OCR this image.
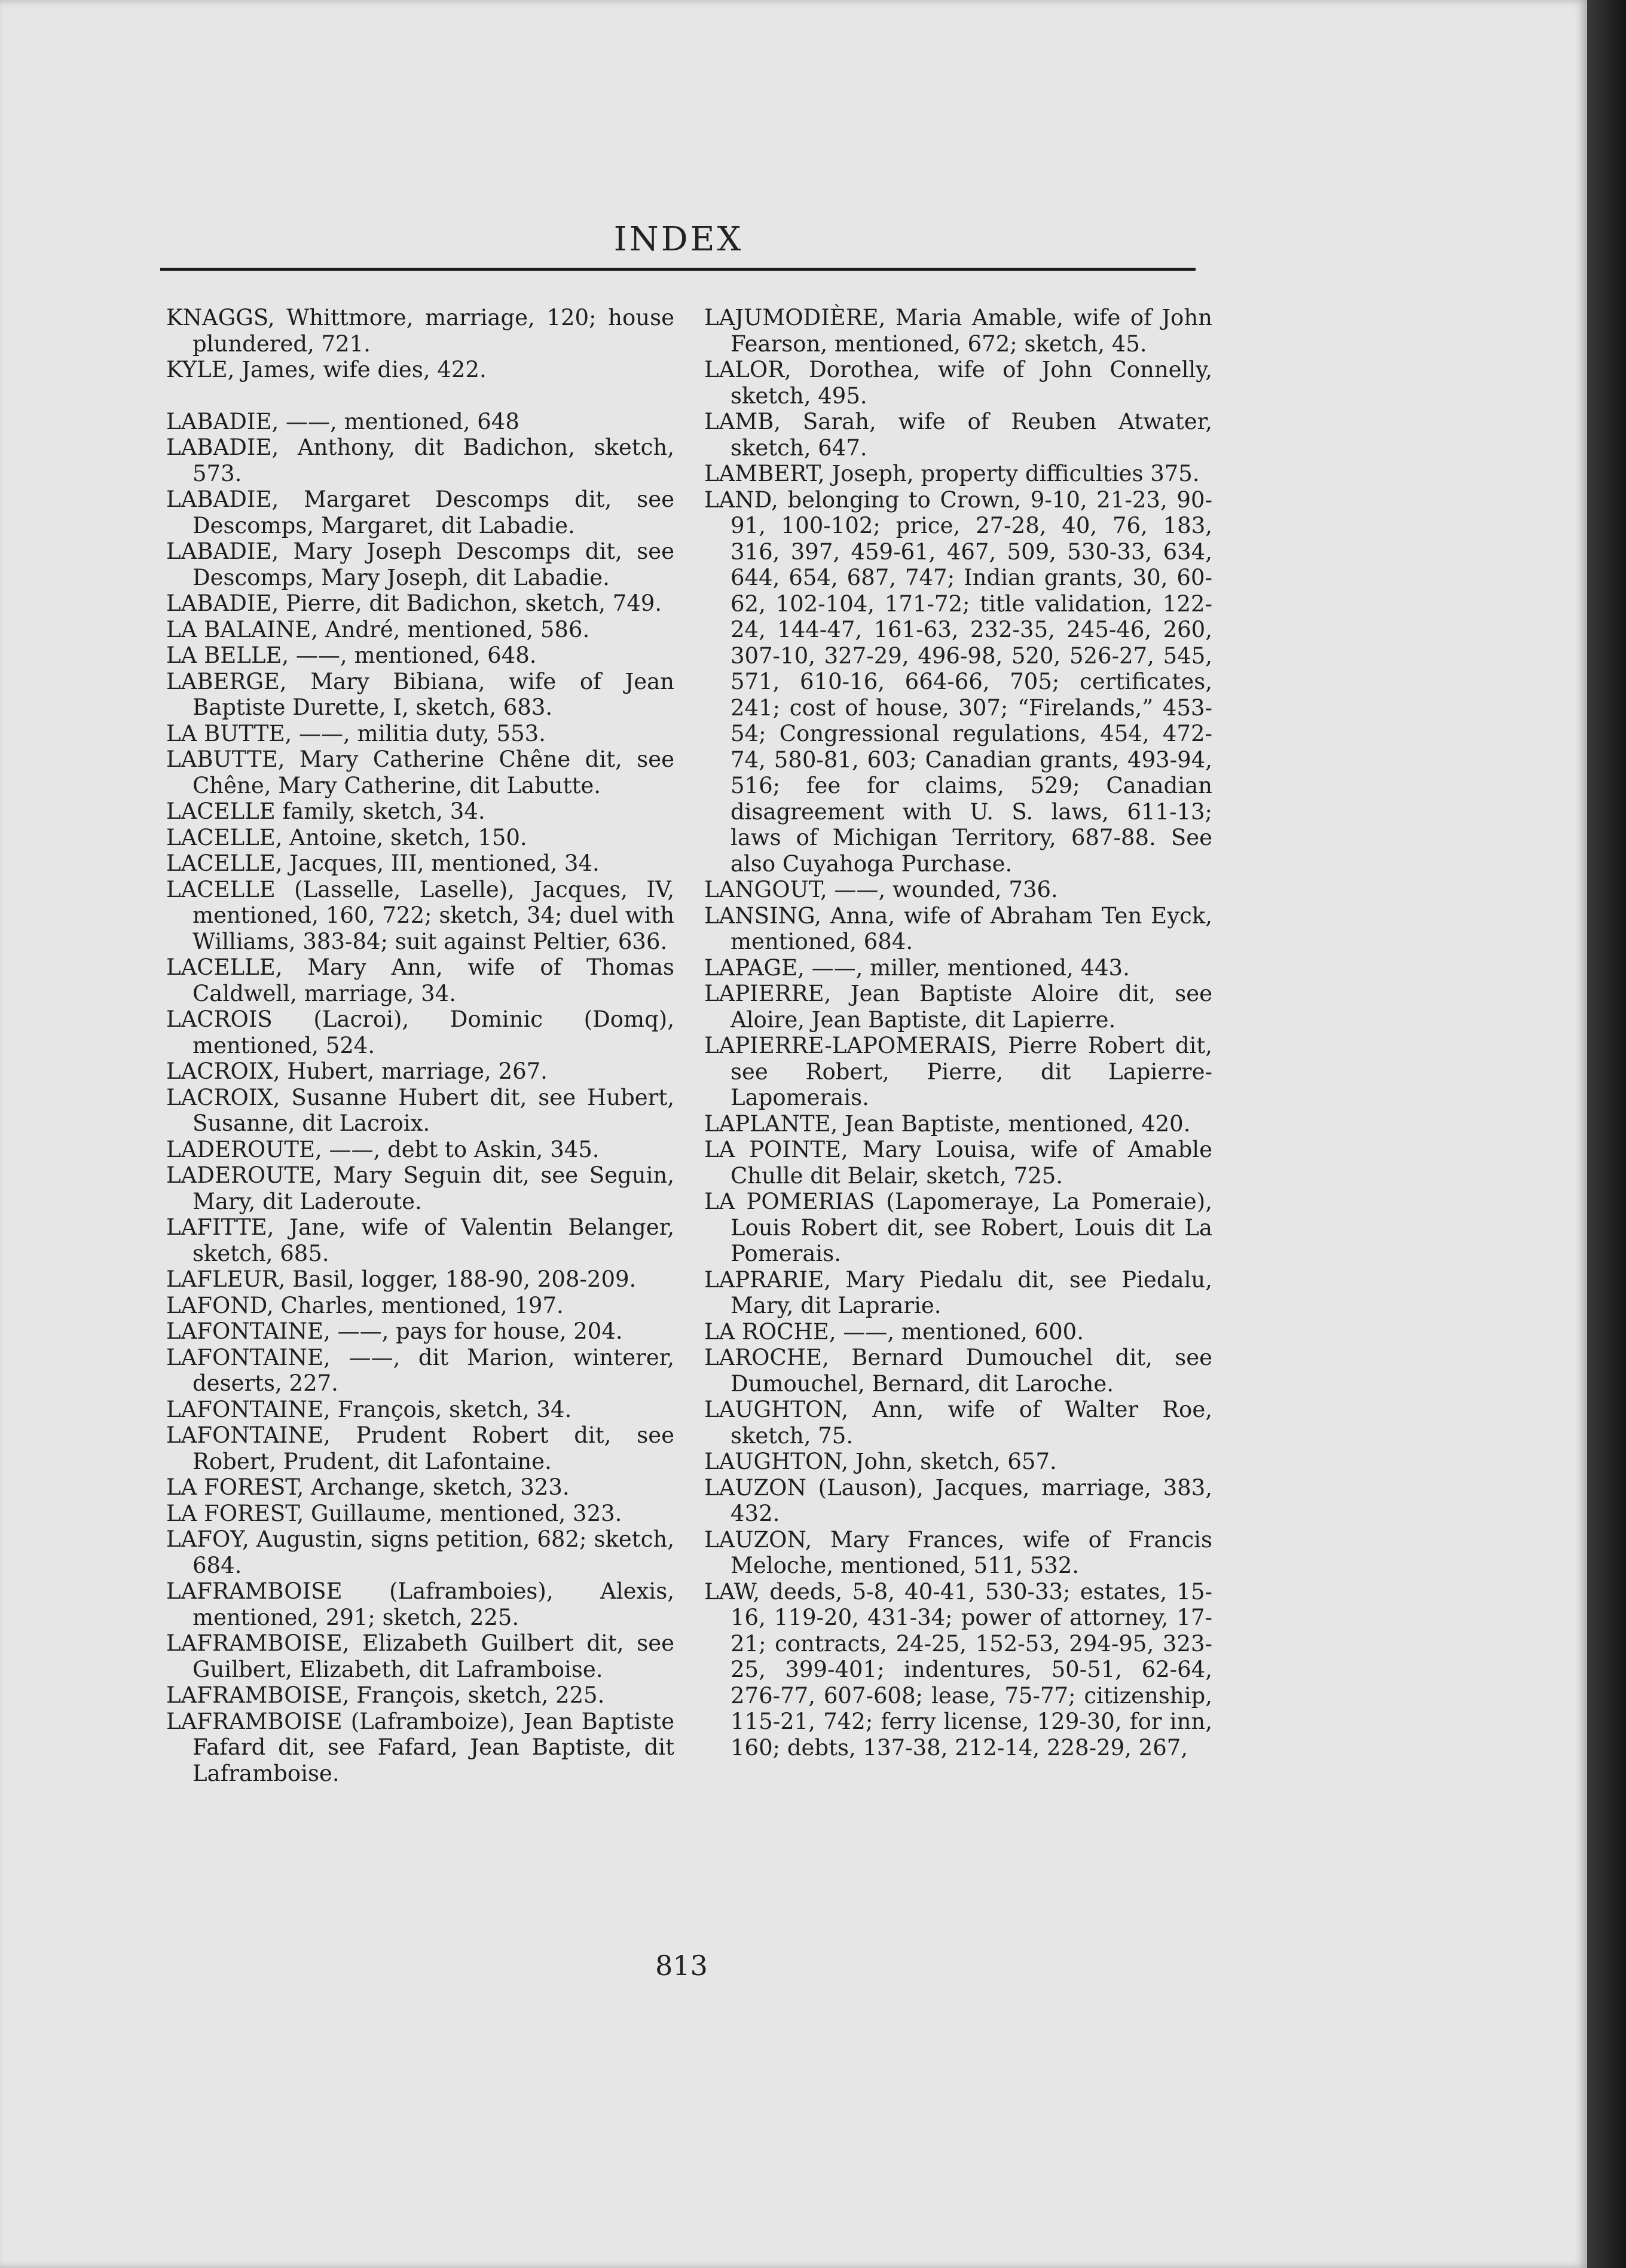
INDEX

KNAGGS, Whittmore, marriage, 120; house plundered, 721.

KYLE, James, wife dies, 422.

LABADIE, ——, mentioned, 648

LABADIE, Anthony, dit Badichon, sketch, 573.

LABADIE, Margaret Descomps dit, see Descomps, Margaret, dit Labadie.

LABADIE, Mary Joseph Descomps dit, see Descomps, Mary Joseph, dit Labadie.

LABADIE, Pierre, dit Badichon, sketch, 749.

LA BALAINE, André, mentioned, 586.

LA BELLE, ——, mentioned, 648.

LABERGE, Mary Bibiana, wife of Jean Baptiste Durette, I, sketch, 683.

LA BUTTE, ——, militia duty, 553.

LABUTTE, Mary Catherine Chêne dit, see Chêne, Mary Catherine, dit Labutte.

LACELLE family, sketch, 34.

LACELLE, Antoine, sketch, 150.

LACELLE, Jacques, III, mentioned, 34.

LACELLE (Lasselle, Laselle), Jacques, IV, mentioned, 160, 722; sketch, 34; duel with Williams, 383-84; suit against Peltier, 636.

LACELLE, Mary Ann, wife of Thomas Caldwell, marriage, 34.

LACROIS (Lacroi), Dominic (Domq), mentioned, 524.

LACROIX, Hubert, marriage, 267.

LACROIX, Susanne Hubert dit, see Hubert, Susanne, dit Lacroix.

LADEROUTE, ——, debt to Askin, 345.

LADEROUTE, Mary Seguin dit, see Seguin, Mary, dit Laderoute.

LAFITTE, Jane, wife of Valentin Belanger, sketch, 685.

LAFLEUR, Basil, logger, 188-90, 208-209.

LAFOND, Charles, mentioned, 197.

LAFONTAINE, ——, pays for house, 204.

LAFONTAINE, ——, dit Marion, winterer, deserts, 227.

LAFONTAINE, François, sketch, 34.

LAFONTAINE, Prudent Robert dit, see Robert, Prudent, dit Lafontaine.

LA FOREST, Archange, sketch, 323.

LA FOREST, Guillaume, mentioned, 323.

LAFOY, Augustin, signs petition, 682; sketch, 684.

LAFRAMBOISE (Laframboies), Alexis, mentioned, 291; sketch, 225.

LAFRAMBOISE, Elizabeth Guilbert dit, see Guilbert, Elizabeth, dit Laframboise.

LAFRAMBOISE, François, sketch, 225.

LAFRAMBOISE (Laframboize), Jean Baptiste Fafard dit, see Fafard, Jean Baptiste, dit Laframboise.

LAJUMODIÈRE, Maria Amable, wife of John Fearson, mentioned, 672; sketch, 45.

LALOR, Dorothea, wife of John Connelly, sketch, 495.

LAMB, Sarah, wife of Reuben Atwater, sketch, 647.

LAMBERT, Joseph, property difficulties 375.

LAND, belonging to Crown, 9-10, 21-23, 90-91, 100-102; price, 27-28, 40, 76, 183, 316, 397, 459-61, 467, 509, 530-33, 634, 644, 654, 687, 747; Indian grants, 30, 60-62, 102-104, 171-72; title validation, 122-24, 144-47, 161-63, 232-35, 245-46, 260, 307-10, 327-29, 496-98, 520, 526-27, 545, 571, 610-16, 664-66, 705; certificates, 241; cost of house, 307; “Firelands,” 453-54; Congressional regulations, 454, 472-74, 580-81, 603; Canadian grants, 493-94, 516; fee for claims, 529; Canadian disagreement with U. S. laws, 611-13; laws of Michigan Territory, 687-88. See also Cuyahoga Purchase.

LANGOUT, ——, wounded, 736.

LANSING, Anna, wife of Abraham Ten Eyck, mentioned, 684.

LAPAGE, ——, miller, mentioned, 443.

LAPIERRE, Jean Baptiste Aloire dit, see Aloire, Jean Baptiste, dit Lapierre.

LAPIERRE-LAPOMERAIS, Pierre Robert dit, see Robert, Pierre, dit Lapierre-Lapomerais.

LAPLANTE, Jean Baptiste, mentioned, 420.

LA POINTE, Mary Louisa, wife of Amable Chulle dit Belair, sketch, 725.

LA POMERIAS (Lapomeraye, La Pomeraie), Louis Robert dit, see Robert, Louis dit La Pomerais.

LAPRARIE, Mary Piedalu dit, see Piedalu, Mary, dit Laprarie.

LA ROCHE, ——, mentioned, 600.

LAROCHE, Bernard Dumouchel dit, see Dumouchel, Bernard, dit Laroche.

LAUGHTON, Ann, wife of Walter Roe, sketch, 75.

LAUGHTON, John, sketch, 657.

LAUZON (Lauson), Jacques, marriage, 383, 432.

LAUZON, Mary Frances, wife of Francis Meloche, mentioned, 511, 532.

LAW, deeds, 5-8, 40-41, 530-33; estates, 15-16, 119-20, 431-34; power of attorney, 17-21; contracts, 24-25, 152-53, 294-95, 323-25, 399-401; indentures, 50-51, 62-64, 276-77, 607-608; lease, 75-77; citizenship, 115-21, 742; ferry license, 129-30, for inn, 160; debts, 137-38, 212-14, 228-29, 267,

813
